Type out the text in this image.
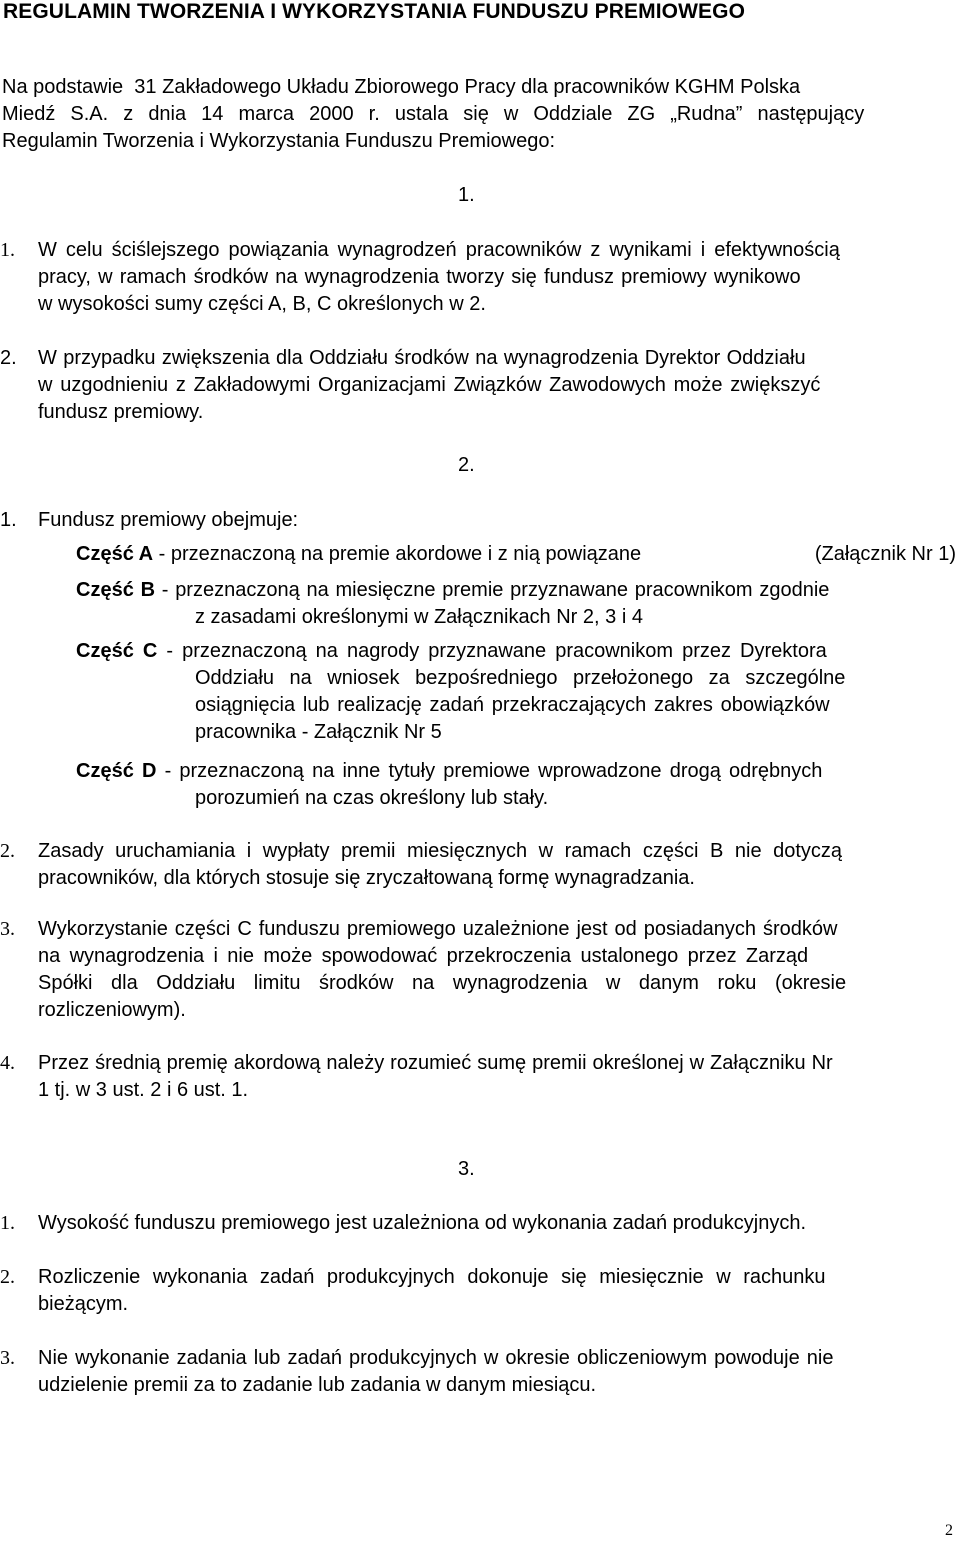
REGULAMIN TWORZENIA I WYKORZYSTANIA FUNDUSZU PREMIOWEGO
Na podstawie  31 Zakładowego Układu Zbiorowego Pracy dla pracowników KGHM Polska
Miedź S.A. z dnia 14 marca 2000 r. ustala się w Oddziale ZG „Rudna” następujący
Regulamin Tworzenia i Wykorzystania Funduszu Premiowego:
1.
1. W celu ściślejszego powiązania wynagrodzeń pracowników z wynikami i efektywnością
pracy, w ramach środków na wynagrodzenia tworzy się fundusz premiowy wynikowo
w wysokości sumy części A, B, C określonych w 2.
2. W przypadku zwiększenia dla Oddziału środków na wynagrodzenia Dyrektor Oddziału
w uzgodnieniu z Zakładowymi Organizacjami Związków Zawodowych może zwiększyć
fundusz premiowy.
2.
1. Fundusz premiowy obejmuje:
Część A - przeznaczoną na premie akordowe i z nią powiązane	(Załącznik Nr 1)
Część B - przeznaczoną na miesięczne premie przyznawane pracownikom zgodnie
z zasadami określonymi w Załącznikach Nr 2, 3 i 4
Część C - przeznaczoną na nagrody przyznawane pracownikom przez Dyrektora
Oddziału na wniosek bezpośredniego przełożonego za szczególne
osiągnięcia lub realizację zadań przekraczających zakres obowiązków
pracownika - Załącznik Nr 5
Część D - przeznaczoną na inne tytuły premiowe wprowadzone drogą odrębnych
porozumień na czas określony lub stały.
2. Zasady uruchamiania i wypłaty premii miesięcznych w ramach części B nie dotyczą
pracowników, dla których stosuje się zryczałtowaną formę wynagradzania.
3. Wykorzystanie części C funduszu premiowego uzależnione jest od posiadanych środków
na wynagrodzenia i nie może spowodować przekroczenia ustalonego przez Zarząd
Spółki dla Oddziału limitu środków na wynagrodzenia w danym roku (okresie
rozliczeniowym).
4. Przez średnią premię akordową należy rozumieć sumę premii określonej w Załączniku Nr
1 tj. w 3 ust. 2 i 6 ust. 1.
3.
1. Wysokość funduszu premiowego jest uzależniona od wykonania zadań produkcyjnych.
2. Rozliczenie wykonania zadań produkcyjnych dokonuje się miesięcznie w rachunku
bieżącym.
3. Nie wykonanie zadania lub zadań produkcyjnych w okresie obliczeniowym powoduje nie
udzielenie premii za to zadanie lub zadania w danym miesiącu.
2
